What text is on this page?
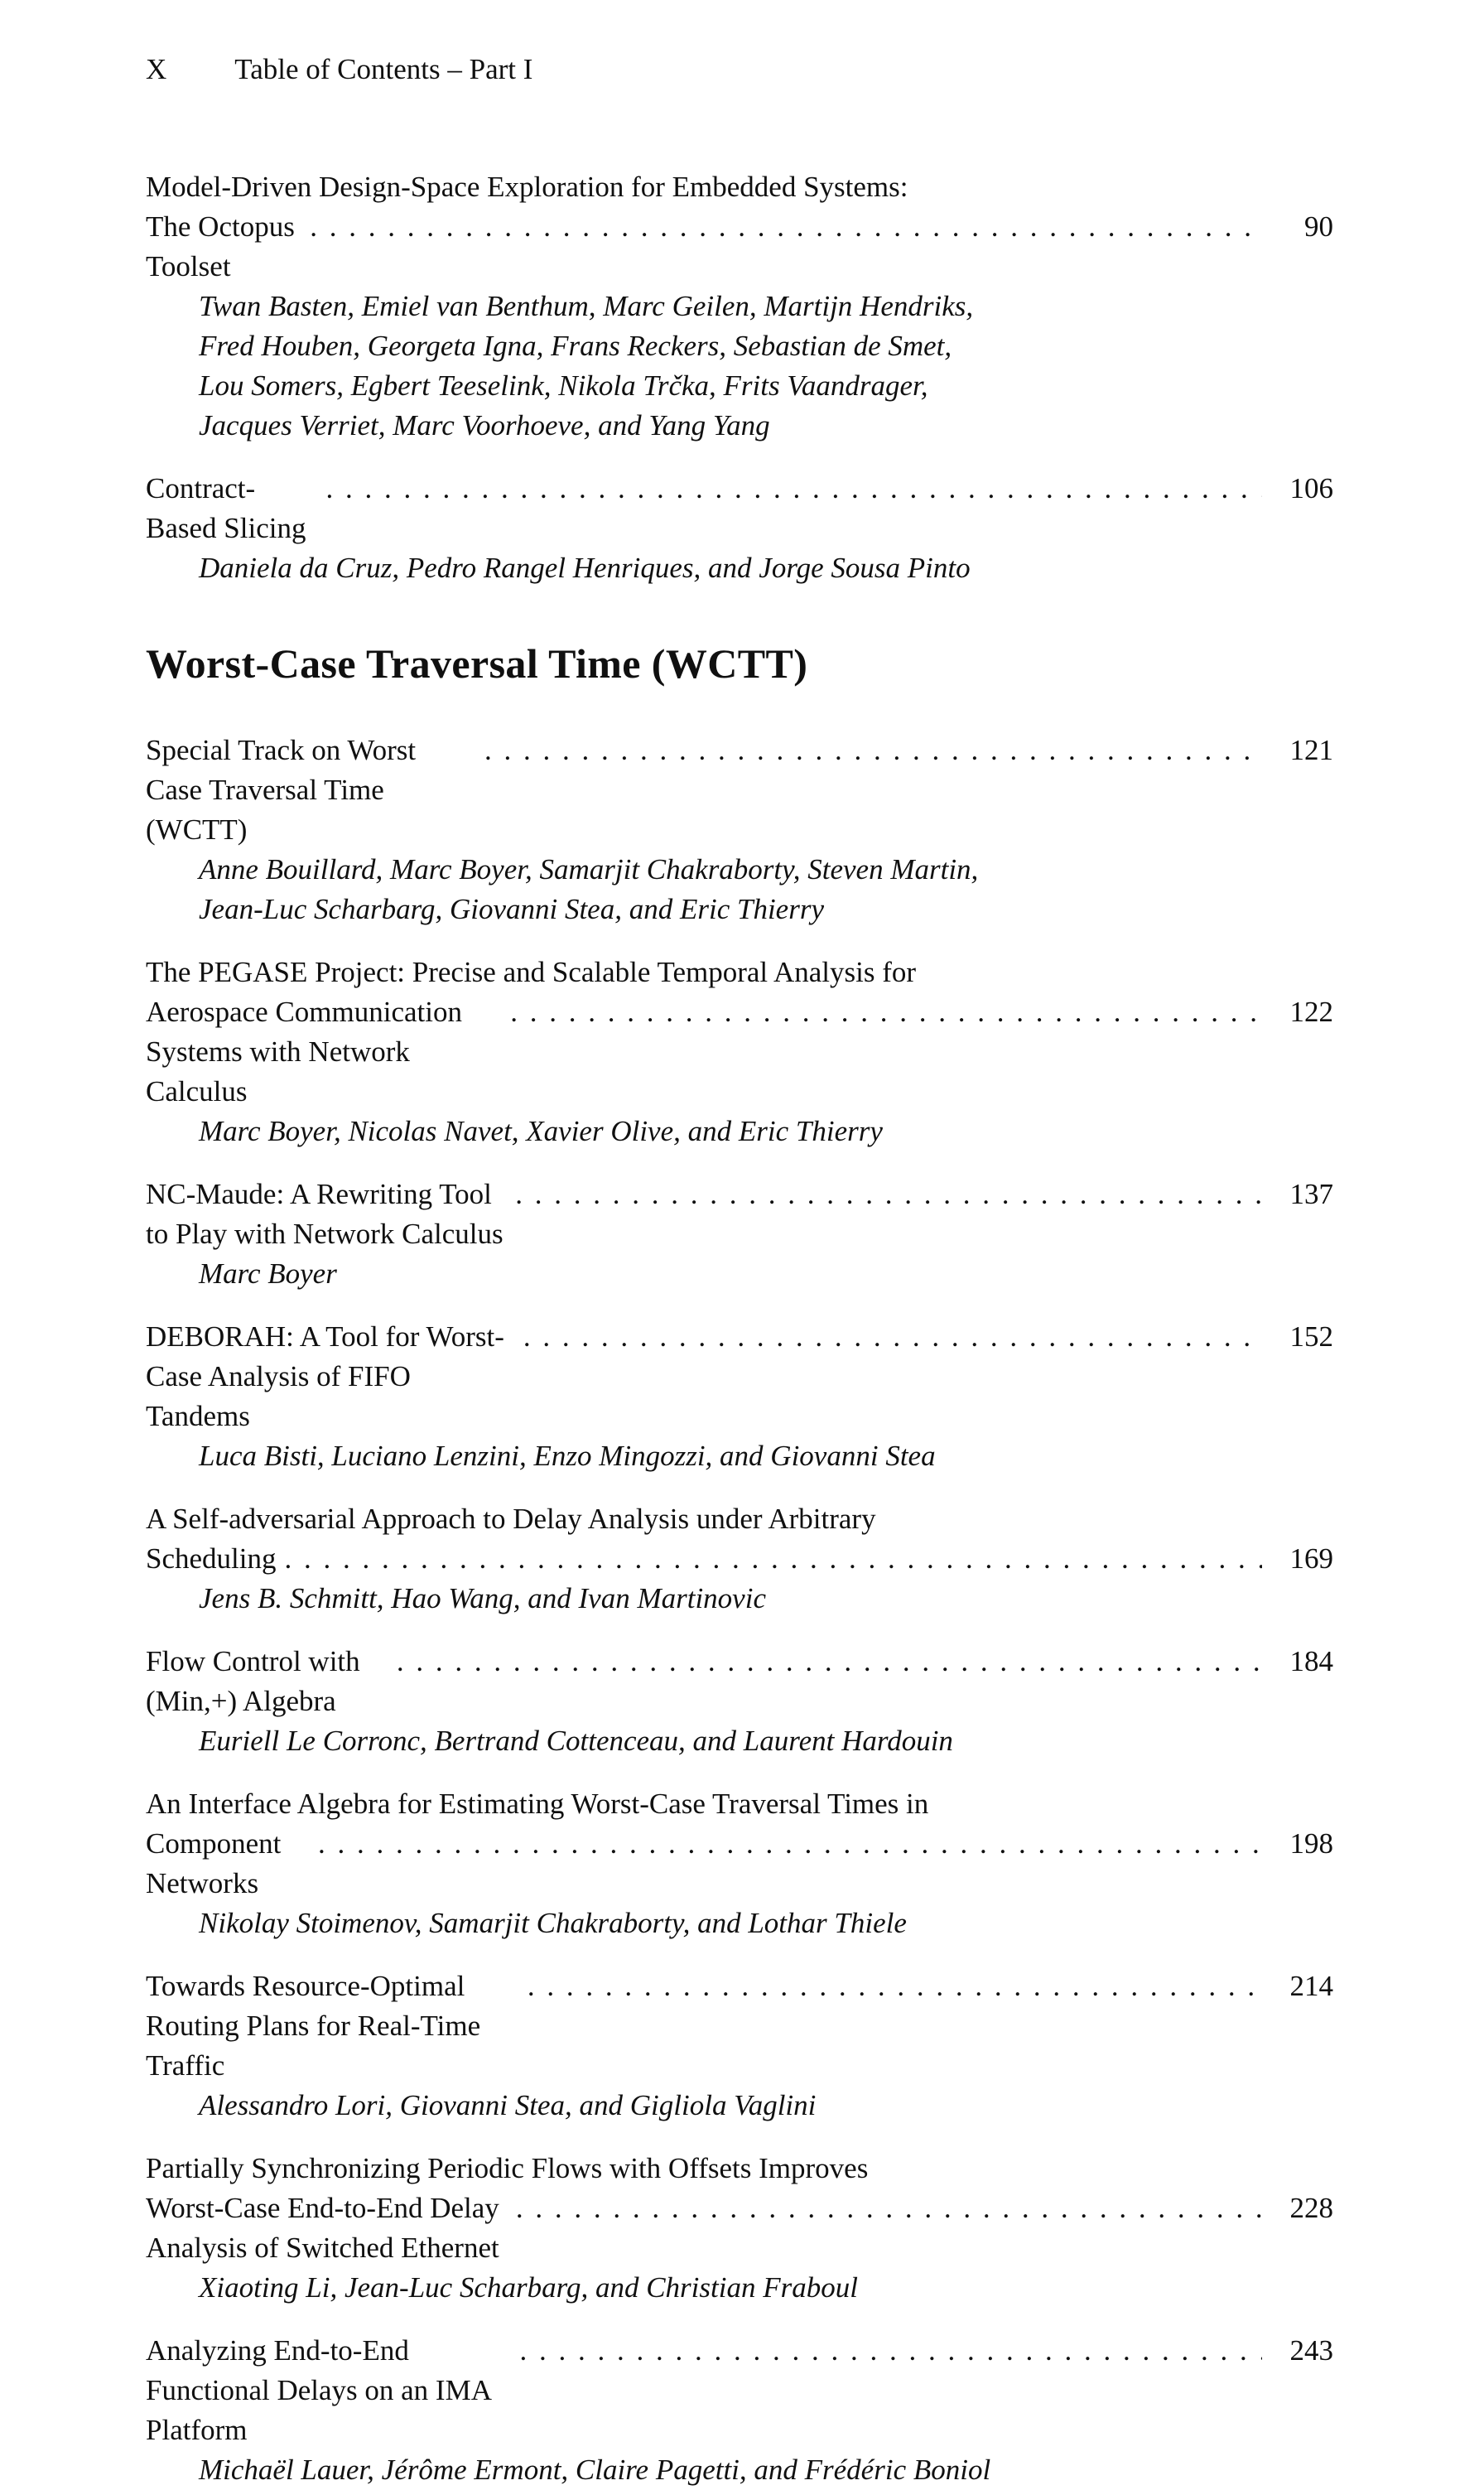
X Table of Contents – Part I
Model-Driven Design-Space Exploration for Embedded Systems:
The Octopus Toolset
. . .
90
Twan Basten, Emiel van Benthum, Marc Geilen, Martijn Hendriks,
Fred Houben, Georgeta Igna, Frans Reckers, Sebastian de Smet,
Lou Somers, Egbert Teeselink, Nikola Trčka, Frits Vaandrager,
Jacques Verriet, Marc Voorhoeve, and Yang Yang
Contract-Based Slicing
. . .
106
Daniela da Cruz, Pedro Rangel Henriques, and Jorge Sousa Pinto
Worst-Case Traversal Time (WCTT)
Special Track on Worst Case Traversal Time (WCTT)
. . .
121
Anne Bouillard, Marc Boyer, Samarjit Chakraborty, Steven Martin,
Jean-Luc Scharbarg, Giovanni Stea, and Eric Thierry
The PEGASE Project: Precise and Scalable Temporal Analysis for
Aerospace Communication Systems with Network Calculus
. . .
122
Marc Boyer, Nicolas Navet, Xavier Olive, and Eric Thierry
NC-Maude: A Rewriting Tool to Play with Network Calculus
. . .
137
Marc Boyer
DEBORAH: A Tool for Worst-Case Analysis of FIFO Tandems
. . .
152
Luca Bisti, Luciano Lenzini, Enzo Mingozzi, and Giovanni Stea
A Self-adversarial Approach to Delay Analysis under Arbitrary
Scheduling . . .	169
Jens B. Schmitt, Hao Wang, and Ivan Martinovic
Flow Control with (Min,+) Algebra
. . .
184
Euriell Le Corronc, Bertrand Cottenceau, and Laurent Hardouin
An Interface Algebra for Estimating Worst-Case Traversal Times in
Component Networks
. . .
198
Nikolay Stoimenov, Samarjit Chakraborty, and Lothar Thiele
Towards Resource-Optimal Routing Plans for Real-Time Traffic
. . .
214
Alessandro Lori, Giovanni Stea, and Gigliola Vaglini
Partially Synchronizing Periodic Flows with Offsets Improves
Worst-Case End-to-End Delay Analysis of Switched Ethernet
. . .
228
Xiaoting Li, Jean-Luc Scharbarg, and Christian Fraboul
Analyzing End-to-End Functional Delays on an IMA Platform
. . .
243
Michaël Lauer, Jérôme Ermont, Claire Pagetti, and Frédéric Boniol
